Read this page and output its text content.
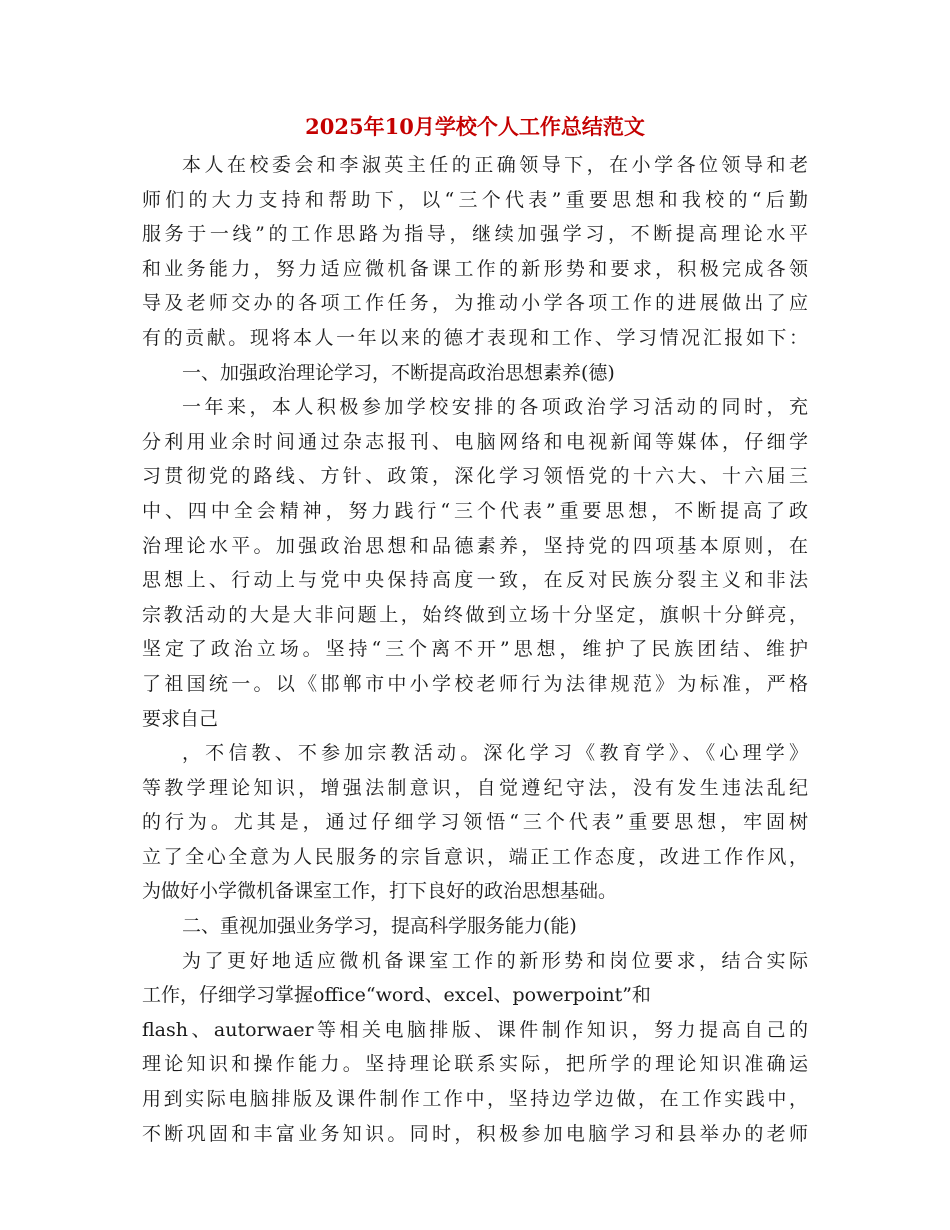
2025年10月学校个人工作总结范文
本人在校委会和李淑英主任的正确领导下，在小学各位领导和老
师们的大力支持和帮助下，以“三个代表”重要思想和我校的“后勤
服务于一线”的工作思路为指导，继续加强学习，不断提高理论水平
和业务能力，努力适应微机备课工作的新形势和要求，积极完成各领
导及老师交办的各项工作任务，为推动小学各项工作的进展做出了应
有的贡献。现将本人一年以来的德才表现和工作、学习情况汇报如下：
一、加强政治理论学习，不断提高政治思想素养(德)
一年来，本人积极参加学校安排的各项政治学习活动的同时，充
分利用业余时间通过杂志报刊、电脑网络和电视新闻等媒体，仔细学
习贯彻党的路线、方针、政策，深化学习领悟党的十六大、十六届三
中、四中全会精神，努力践行“三个代表”重要思想，不断提高了政
治理论水平。加强政治思想和品德素养，坚持党的四项基本原则，在
思想上、行动上与党中央保持高度一致，在反对民族分裂主义和非法
宗教活动的大是大非问题上，始终做到立场十分坚定，旗帜十分鲜亮，
坚定了政治立场。坚持“三个离不开”思想，维护了民族团结、维护
了祖国统一。以《邯郸市中小学校老师行为法律规范》为标准，严格
要求自己
，不信教、不参加宗教活动。深化学习《教育学》、《心理学》
等教学理论知识，增强法制意识，自觉遵纪守法，没有发生违法乱纪
的行为。尤其是，通过仔细学习领悟“三个代表”重要思想，牢固树
立了全心全意为人民服务的宗旨意识，端正工作态度，改进工作作风，
为做好小学微机备课室工作，打下良好的政治思想基础。
二、重视加强业务学习，提高科学服务能力(能)
为了更好地适应微机备课室工作的新形势和岗位要求，结合实际
工作，仔细学习掌握office“word、excel、powerpoint”和
flash、autorwaer等相关电脑排版、课件制作知识，努力提高自己的
理论知识和操作能力。坚持理论联系实际，把所学的理论知识准确运
用到实际电脑排版及课件制作工作中，坚持边学边做，在工作实践中，
不断巩固和丰富业务知识。同时，积极参加电脑学习和县举办的老师
